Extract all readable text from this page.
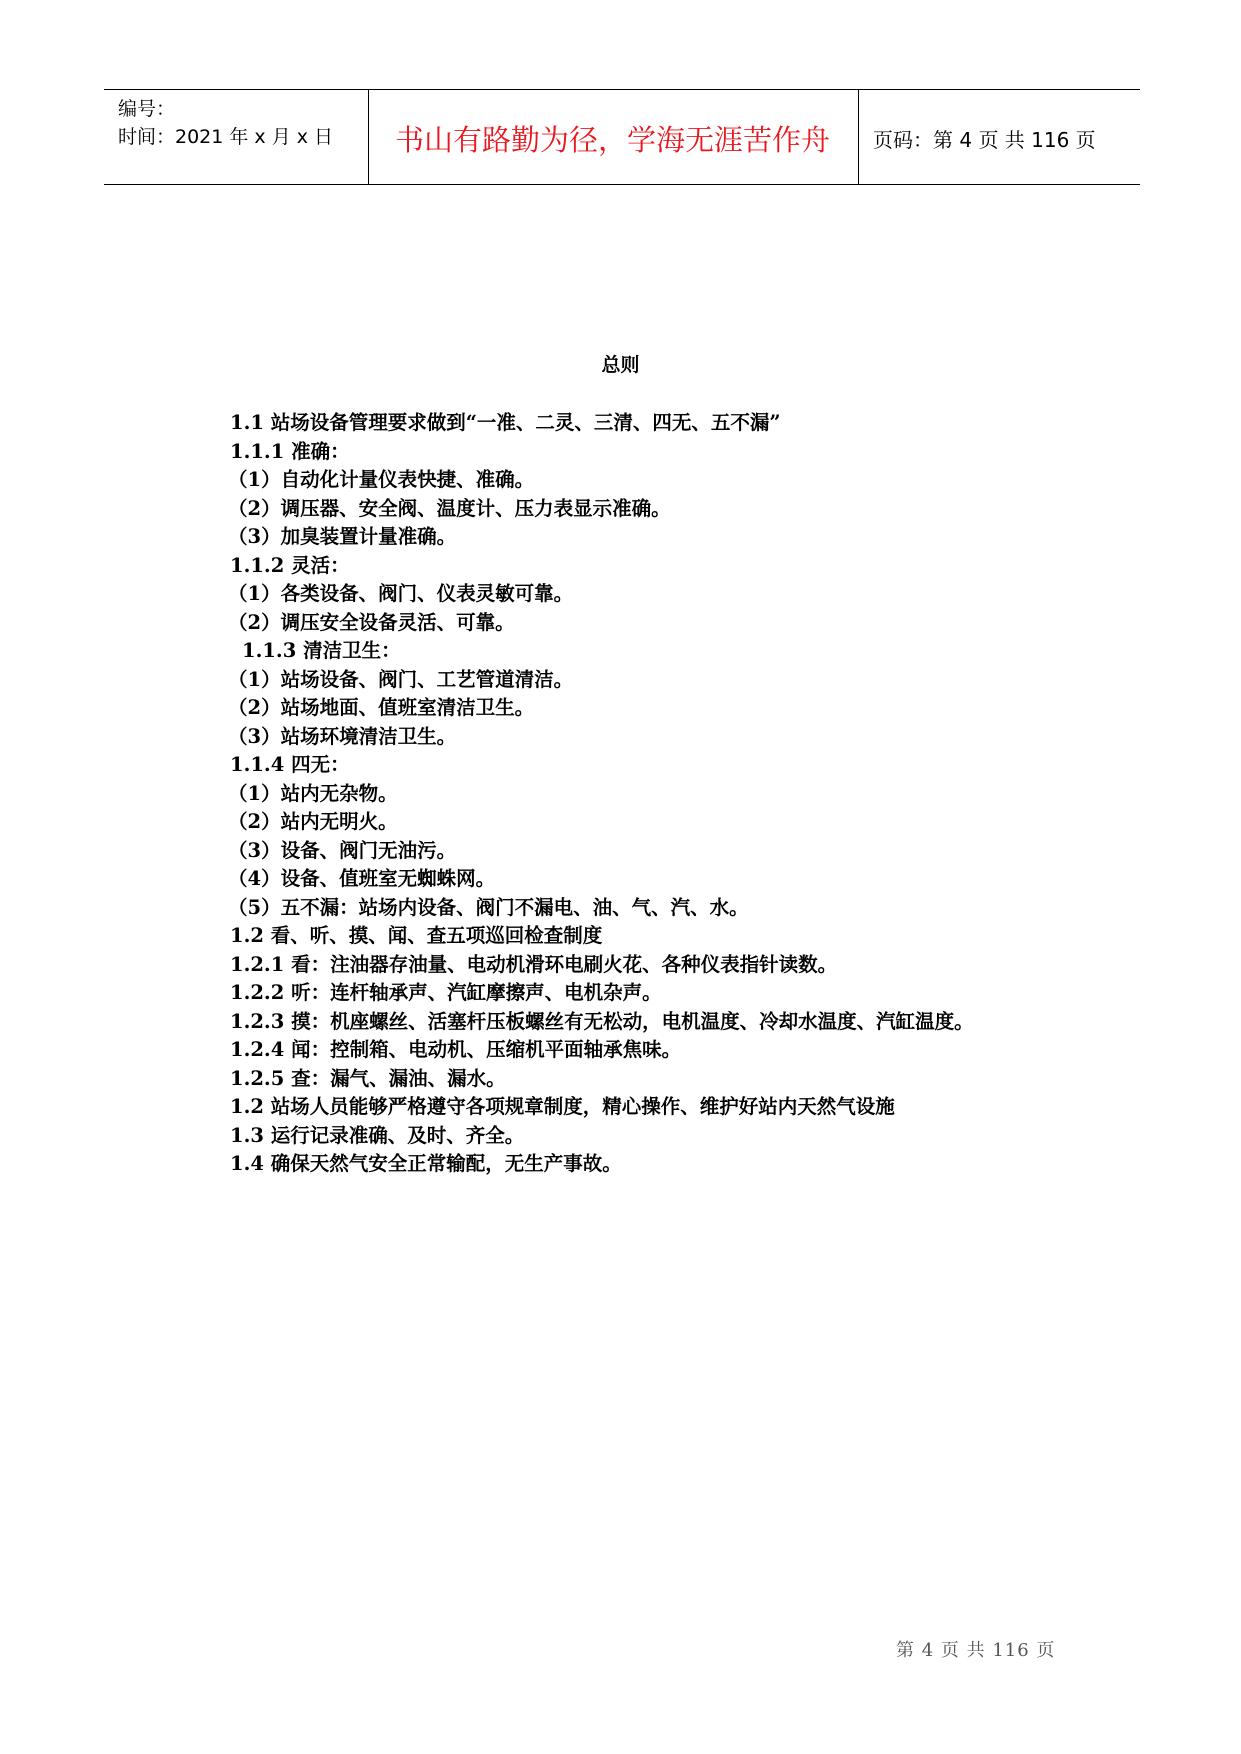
编号：
时间：2021 年 x 月 x 日 书山有路勤为径，学海无涯苦作舟 页码：第 4 页 共 116 页
总则
1.1 站场设备管理要求做到“一准、二灵、三清、四无、五不漏”
1.1.1 准确：
（1）自动化计量仪表快捷、准确。
（2）调压器、安全阀、温度计、压力表显示准确。
（3）加臭装置计量准确。
1.1.2 灵活：
（1）各类设备、阀门、仪表灵敏可靠。
（2）调压安全设备灵活、可靠。
1.1.3 清洁卫生：
（1）站场设备、阀门、工艺管道清洁。
（2）站场地面、值班室清洁卫生。
（3）站场环境清洁卫生。
1.1.4 四无：
（1）站内无杂物。
（2）站内无明火。
（3）设备、阀门无油污。
（4）设备、值班室无蜘蛛网。
（5）五不漏：站场内设备、阀门不漏电、油、气、汽、水。
1.2 看、听、摸、闻、查五项巡回检查制度
1.2.1 看：注油器存油量、电动机滑环电刷火花、各种仪表指针读数。
1.2.2 听：连杆轴承声、汽缸摩擦声、电机杂声。
1.2.3 摸：机座螺丝、活塞杆压板螺丝有无松动，电机温度、冷却水温度、汽缸温度。
1.2.4 闻：控制箱、电动机、压缩机平面轴承焦味。
1.2.5 查：漏气、漏油、漏水。
1.2 站场人员能够严格遵守各项规章制度，精心操作、维护好站内天然气设施
1.3 运行记录准确、及时、齐全。
1.4 确保天然气安全正常输配，无生产事故。
第 4 页 共 116 页
